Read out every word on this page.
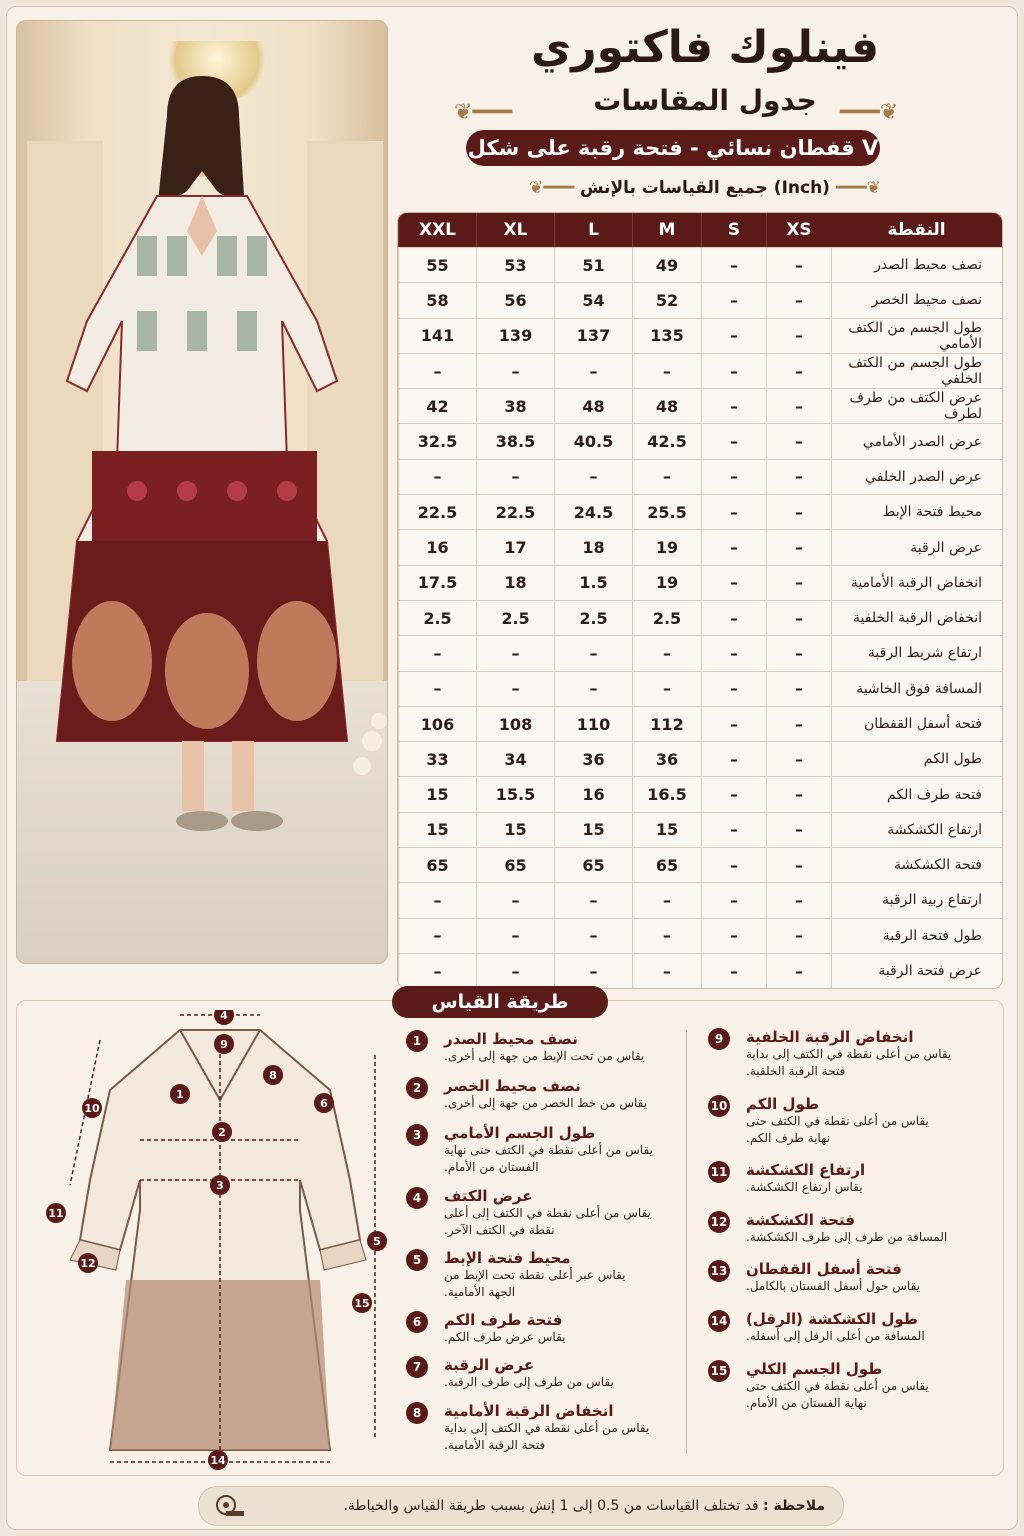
فينلوك فاكتوري
❦━━━	جدول المقاسات	━━━❦
قفطان نسائي - فتحة رقبة على شكل V
❦━━━ جميع القياسات بالإنش (Inch) ━━━❦
XXL	XL	L	M	S	XS	النقطة
55	53	51	49	–	–	نصف محيط الصدر
58	56	54	52	–	–	نصف محيط الخصر
141	139	137	135	–	–	طول الجسم من الكتف الأمامي
–	–	–	–	–	–	طول الجسم من الكتف الخلفي
42	38	48	48	–	–	عرض الكتف من طرف لطرف
32.5	38.5	40.5	42.5	–	–	عرض الصدر الأمامي
–	–	–	–	–	–	عرض الصدر الخلفي
22.5	22.5	24.5	25.5	–	–	محيط فتحة الإبط
16	17	18	19	–	–	عرض الرقبة
17.5	18	1.5	19	–	–	انخفاض الرقبة الأمامية
2.5	2.5	2.5	2.5	–	–	انخفاض الرقبة الخلفية
–	–	–	–	–	–	ارتفاع شريط الرقبة
–	–	–	–	–	–	المسافة فوق الخاشية
106	108	110	112	–	–	فتحة أسفل القفطان
33	34	36	36	–	–	طول الكم
15	15.5	16	16.5	–	–	فتحة طرف الكم
15	15	15	15	–	–	ارتفاع الكشكشة
65	65	65	65	–	–	فتحة الكشكشة
–	–	–	–	–	–	ارتفاع ربية الرقبة
–	–	–	–	–	–	طول فتحة الرقبة
–	–	–	–	–	–	عرض فتحة الرقبة
طريقة القياس
4
9
1
2
3
8
6
10
11
12
5
15
14
1	نصف محيط الصدر
يقاس من تحت الإبط من جهة إلى أخرى.
2	نصف محيط الخصر
يقاس من خط الخصر من جهة إلى أخرى.
3	طول الجسم الأمامي
يقاس من أعلى نقطة في الكتف حتى نهاية الفستان من الأمام.
4	عرض الكتف
يقاس من أعلى نقطة في الكتف إلى أعلى نقطة في الكتف الآخر.
5	محيط فتحة الإبط
يقاس عبر أعلى نقطة تحت الإبط من الجهة الأمامية.
6	فتحة طرف الكم
يقاس عرض طرف الكم.
7	عرض الرقبة
يقاس من طرف إلى طرف الرقبة.
8	انخفاض الرقبة الأمامية
يقاس من أعلى نقطة في الكتف إلى بداية فتحة الرقبة الأمامية.
9	انخفاض الرقبة الخلفية
يقاس من أعلى نقطة في الكتف إلى بداية فتحة الرقبة الخلفية.
10	طول الكم
يقاس من أعلى نقطة في الكتف حتى نهاية طرف الكم.
11	ارتفاع الكشكشة
يقاس ارتفاع الكشكشة.
12	فتحة الكشكشة
المسافة من طرف إلى طرف الكشكشة.
13	فتحة أسفل القفطان
يقاس حول أسفل الفستان بالكامل.
14	طول الكشكشة (الرقل)
المسافة من أعلى الرفل إلى أسفله.
15	طول الجسم الكلي
يقاس من أعلى نقطة في الكتف حتى نهاية الفستان من الأمام.
ملاحظة : قد تختلف القياسات من 0.5 إلى 1 إنش بسبب طريقة القياس والخياطة.
